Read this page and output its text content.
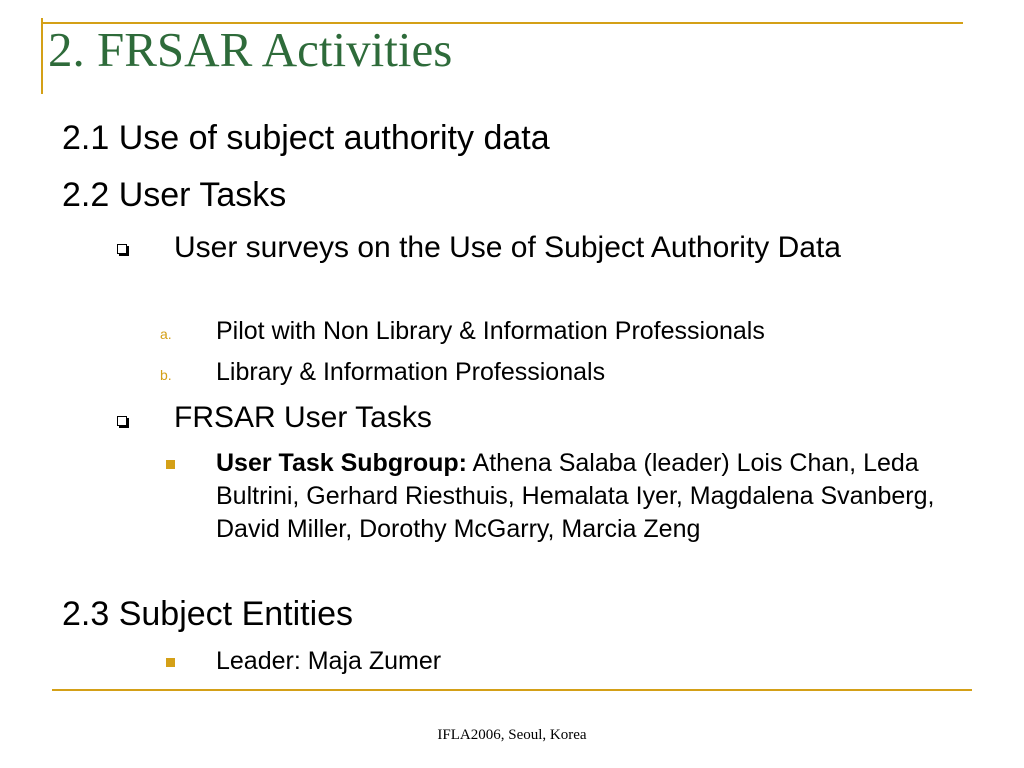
2. FRSAR Activities
2.1 Use of subject authority data
2.2 User Tasks
User surveys on the Use of Subject Authority Data
a. Pilot with Non Library & Information Professionals
b. Library & Information Professionals
FRSAR User Tasks
User Task Subgroup: Athena Salaba (leader) Lois Chan, Leda Bultrini, Gerhard Riesthuis, Hemalata Iyer, Magdalena Svanberg, David Miller, Dorothy McGarry, Marcia Zeng
2.3 Subject Entities
Leader: Maja Zumer
IFLA2006, Seoul, Korea
